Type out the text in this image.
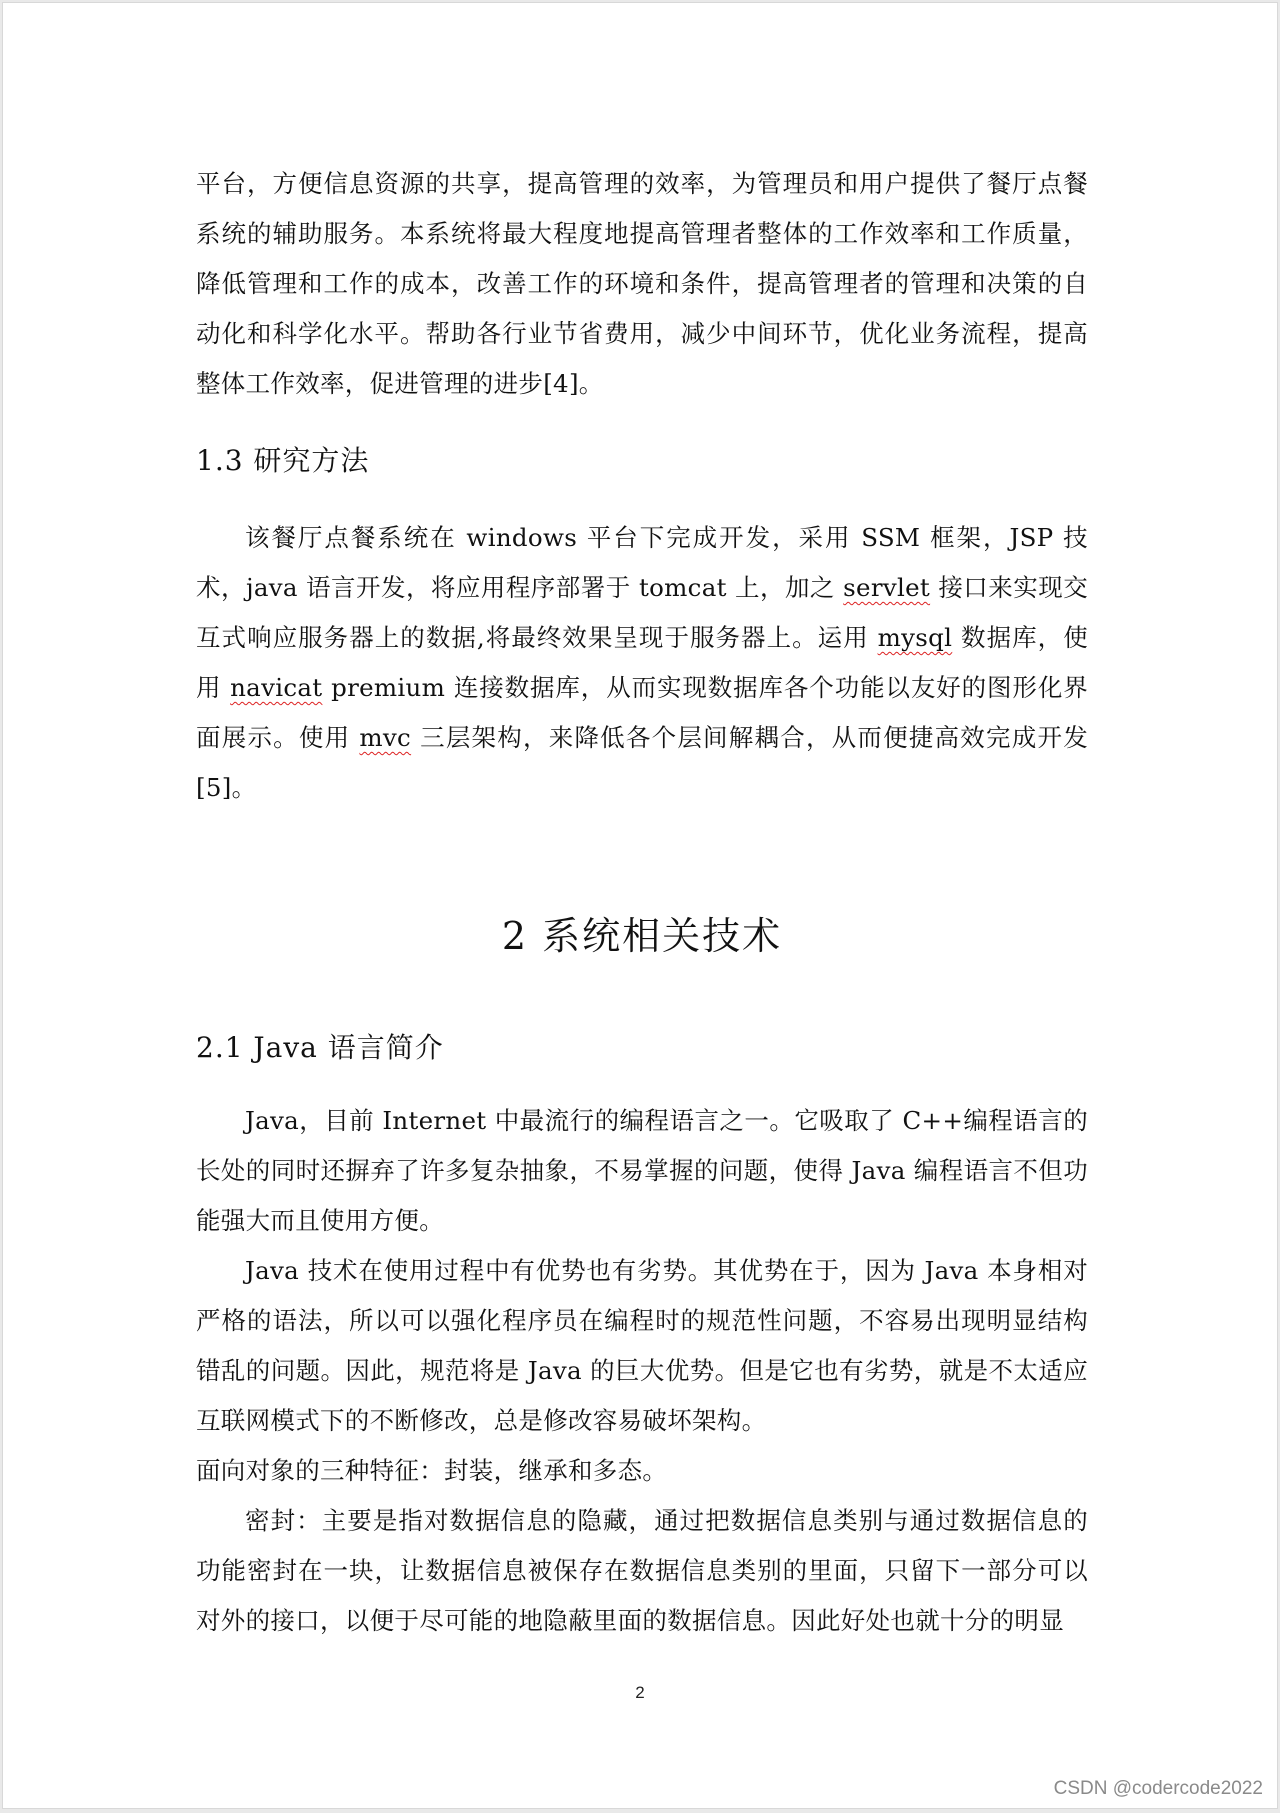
平台，方便信息资源的共享，提高管理的效率，为管理员和用户提供了餐厅点餐系统的辅助服务。本系统将最大程度地提高管理者整体的工作效率和工作质量，降低管理和工作的成本，改善工作的环境和条件，提高管理者的管理和决策的自动化和科学化水平。帮助各行业节省费用，减少中间环节，优化业务流程，提高整体工作效率，促进管理的进步[4]。

1.3 研究方法

该餐厅点餐系统在 windows 平台下完成开发，采用 SSM 框架，JSP 技术，java 语言开发，将应用程序部署于 tomcat 上，加之 servlet 接口来实现交互式响应服务器上的数据,将最终效果呈现于服务器上。运用 mysql 数据库，使用 navicat premium 连接数据库，从而实现数据库各个功能以友好的图形化界面展示。使用 mvc 三层架构，来降低各个层间解耦合，从而便捷高效完成开发[5]。

2 系统相关技术
2.1 Java 语言简介

Java，目前 Internet 中最流行的编程语言之一。它吸取了 C++编程语言的长处的同时还摒弃了许多复杂抽象，不易掌握的问题，使得 Java 编程语言不但功能强大而且使用方便。

Java 技术在使用过程中有优势也有劣势。其优势在于，因为 Java 本身相对严格的语法，所以可以强化程序员在编程时的规范性问题，不容易出现明显结构错乱的问题。因此，规范将是 Java 的巨大优势。但是它也有劣势，就是不太适应互联网模式下的不断修改，总是修改容易破坏架构。

面向对象的三种特征：封装，继承和多态。

密封：主要是指对数据信息的隐藏，通过把数据信息类别与通过数据信息的功能密封在一块，让数据信息被保存在数据信息类别的里面，只留下一部分可以对外的接口，以便于尽可能的地隐蔽里面的数据信息。因此好处也就十分的明显

2
CSDN @codercode2022
